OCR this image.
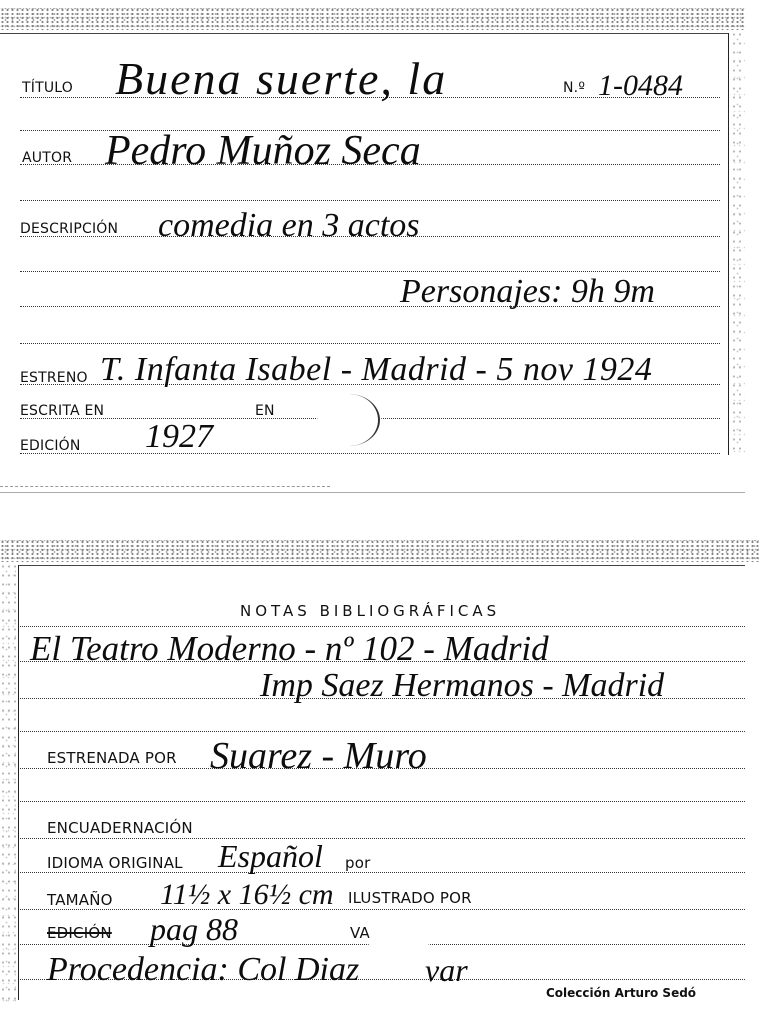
TÍTULO Buena suerte, la	N.º 1-0484
AUTOR Pedro Muñoz Seca
DESCRIPCIÓN comedia en 3 actos
Personajes: 9h 9m
ESTRENO T. Infanta Isabel - Madrid - 5 nov 1924
ESCRITA EN	EN
EDICIÓN 1927
NOTAS BIBLIOGRÁFICAS
El Teatro Moderno - nº 102 - Madrid
Imp Saez Hermanos - Madrid
ESTRENADA POR Suarez - Muro
ENCUADERNACIÓN
IDIOMA ORIGINAL Español por
TAMAÑO 11½ x 16½ cm ILUSTRADO POR
EDICIÓN pag 88	VA
Procedencia: Col Diaz var
Colección Arturo Sedó
